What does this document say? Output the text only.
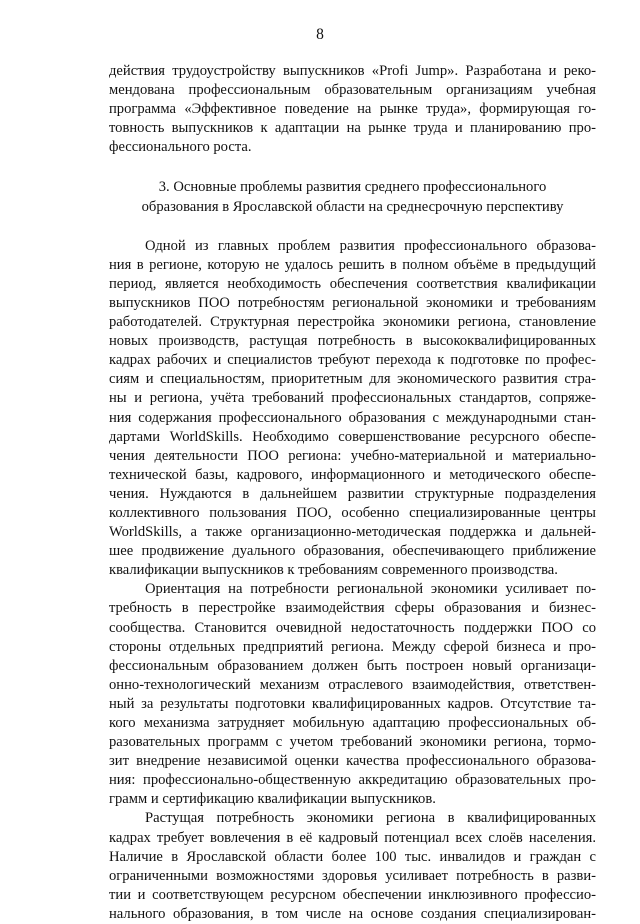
8
действия трудоустройству выпускников «Profi Jump». Разработана и реко-
мендована профессиональным образовательным организациям учебная
программа «Эффективное поведение на рынке труда», формирующая го-
товность выпускников к адаптации на рынке труда и планированию про-
фессионального роста.
3. Основные проблемы развития среднего профессионального
образования в Ярославской области на среднесрочную перспективу
Одной из главных проблем развития профессионального образова-
ния в регионе, которую не удалось решить в полном объёме в предыдущий
период, является необходимость обеспечения соответствия квалификации
выпускников ПОО потребностям региональной экономики и требованиям
работодателей. Структурная перестройка экономики региона, становление
новых производств, растущая потребность в высококвалифицированных
кадрах рабочих и специалистов требуют перехода к подготовке по профес-
сиям и специальностям, приоритетным для экономического развития стра-
ны и региона, учёта требований профессиональных стандартов, сопряже-
ния содержания профессионального образования с международными стан-
дартами WorldSkills. Необходимо совершенствование ресурсного обеспе-
чения деятельности ПОО региона: учебно-материальной и материально-
технической базы, кадрового, информационного и методического обеспе-
чения. Нуждаются в дальнейшем развитии структурные подразделения
коллективного пользования ПОО, особенно специализированные центры
WorldSkills, а также организационно-методическая поддержка и дальней-
шее продвижение дуального образования, обеспечивающего приближение
квалификации выпускников к требованиям современного производства.
Ориентация на потребности региональной экономики усиливает по-
требность в перестройке взаимодействия сферы образования и бизнес-
сообщества. Становится очевидной недостаточность поддержки ПОО со
стороны отдельных предприятий региона. Между сферой бизнеса и про-
фессиональным образованием должен быть построен новый организаци-
онно-технологический механизм отраслевого взаимодействия, ответствен-
ный за результаты подготовки квалифицированных кадров. Отсутствие та-
кого механизма затрудняет мобильную адаптацию профессиональных об-
разовательных программ с учетом требований экономики региона, тормо-
зит внедрение независимой оценки качества профессионального образова-
ния: профессионально-общественную аккредитацию образовательных про-
грамм и сертификацию квалификации выпускников.
Растущая потребность экономики региона в квалифицированных
кадрах требует вовлечения в её кадровый потенциал всех слоёв населения.
Наличие в Ярославской области более 100 тыс. инвалидов и граждан с
ограниченными возможностями здоровья усиливает потребность в разви-
тии и соответствующем ресурсном обеспечении инклюзивного профессио-
нального образования, в том числе на основе создания специализирован-
